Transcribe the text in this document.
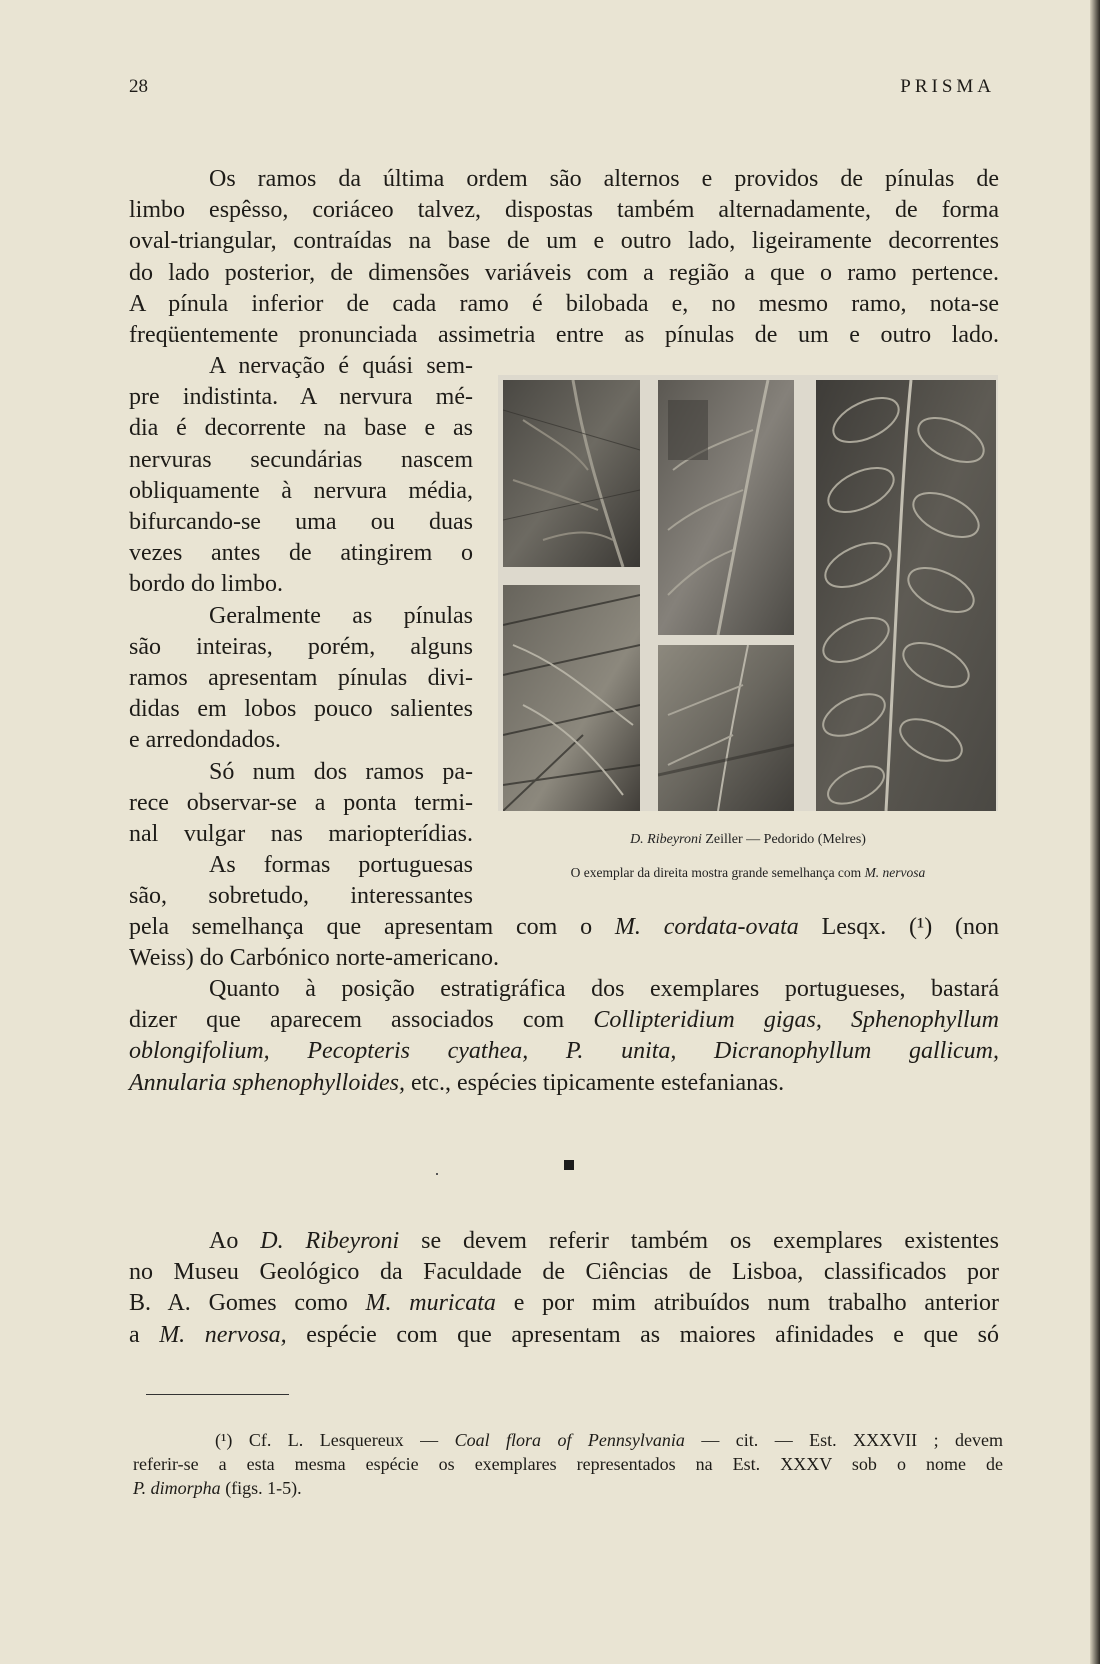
28	PRISMA

Os ramos da última ordem são alternos e providos de pínulas de

limbo espêsso, coriáceo talvez, dispostas também alternadamente, de forma

oval-triangular, contraídas na base de um e outro lado, ligeiramente decorrentes

do lado posterior, de dimensões variáveis com a região a que o ramo pertence.

A pínula inferior de cada ramo é bilobada e, no mesmo ramo, nota-se

freqüentemente pronunciada assimetria entre as pínulas de um e outro lado.

A nervação é quási sem-

pre indistinta. A nervura mé-

dia é decorrente na base e as

nervuras secundárias nascem

obliquamente à nervura média,

bifurcando-se uma ou duas

vezes antes de atingirem o

bordo do limbo.

Geralmente as pínulas

são inteiras, porém, alguns

ramos apresentam pínulas divi-

didas em lobos pouco salientes

e arredondados.

Só num dos ramos pa-

rece observar-se a ponta termi-

nal vulgar nas mariopterídias.

As formas portuguesas

são, sobretudo, interessantes

D. Ribeyroni Zeiller — Pedorido (Melres)
O exemplar da direita mostra grande semelhança com M. nervosa

pela semelhança que apresentam com o M. cordata-ovata Lesqx. (¹) (non

Weiss) do Carbónico norte-americano.

Quanto à posição estratigráfica dos exemplares portugueses, bastará

dizer que aparecem associados com Collipteridium gigas, Sphenophyllum

oblongifolium, Pecopteris cyathea, P. unita, Dicranophyllum gallicum,

Annularia sphenophylloides, etc., espécies tipicamente estefanianas.

Ao D. Ribeyroni se devem referir também os exemplares existentes

no Museu Geológico da Faculdade de Ciências de Lisboa, classificados por

B. A. Gomes como M. muricata e por mim atribuídos num trabalho anterior

a M. nervosa, espécie com que apresentam as maiores afinidades e que só

(¹) Cf. L. Lesquereux — Coal flora of Pennsylvania — cit. — Est. XXXVII ; devem

referir-se a esta mesma espécie os exemplares representados na Est. XXXV sob o nome de

P. dimorpha (figs. 1-5).
